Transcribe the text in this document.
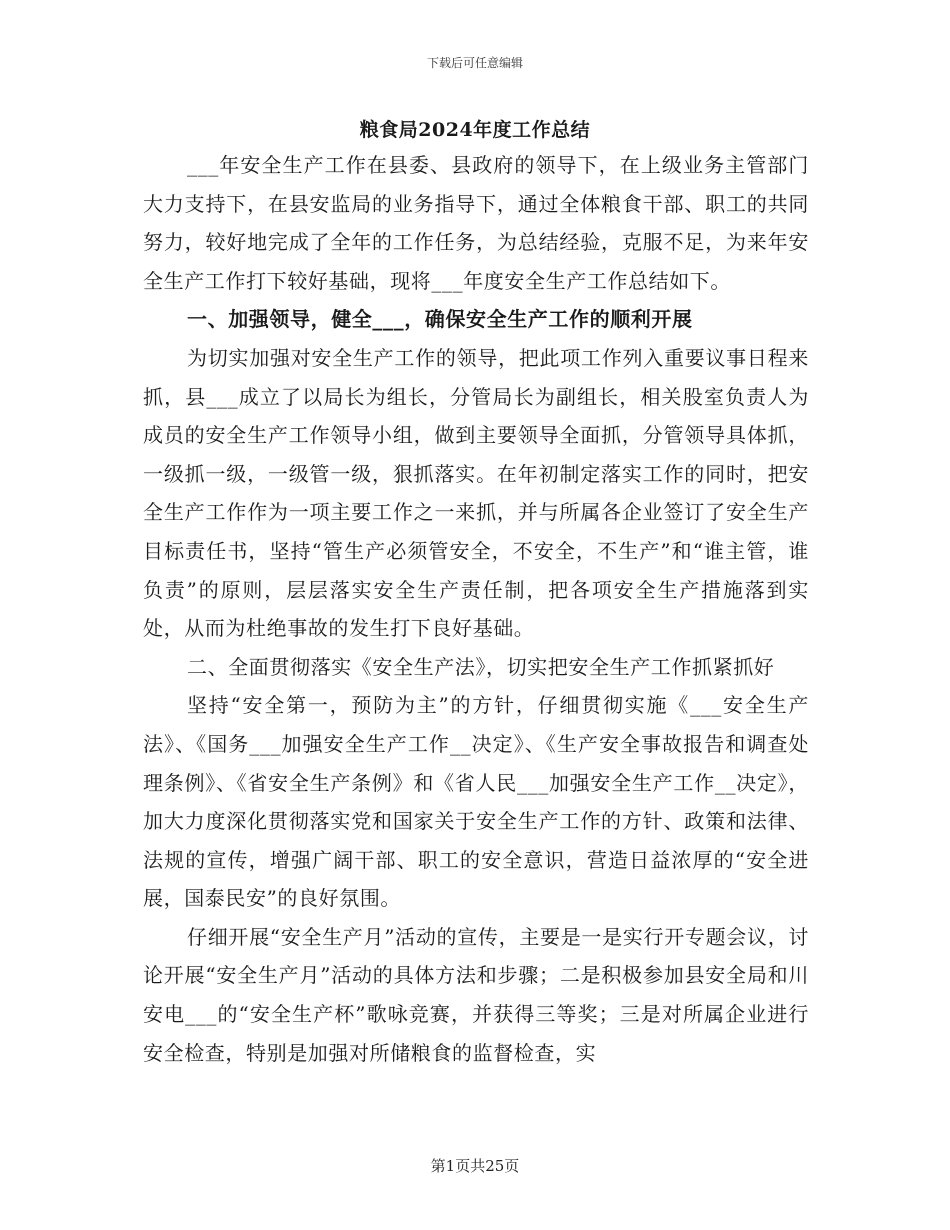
下载后可任意编辑
粮食局2024年度工作总结

___年安全生产工作在县委、县政府的领导下，在上级业务主管部门大力支持下，在县安监局的业务指导下，通过全体粮食干部、职工的共同努力，较好地完成了全年的工作任务，为总结经验，克服不足，为来年安全生产工作打下较好基础，现将___年度安全生产工作总结如下。

一、加强领导，健全___，确保安全生产工作的顺利开展

为切实加强对安全生产工作的领导，把此项工作列入重要议事日程来抓，县___成立了以局长为组长，分管局长为副组长，相关股室负责人为成员的安全生产工作领导小组，做到主要领导全面抓，分管领导具体抓，一级抓一级，一级管一级，狠抓落实。在年初制定落实工作的同时，把安全生产工作作为一项主要工作之一来抓，并与所属各企业签订了安全生产目标责任书，坚持“管生产必须管安全，不安全，不生产”和“谁主管，谁负责”的原则，层层落实安全生产责任制，把各项安全生产措施落到实处，从而为杜绝事故的发生打下良好基础。

二、全面贯彻落实《安全生产法》，切实把安全生产工作抓紧抓好

坚持“安全第一，预防为主”的方针，仔细贯彻实施《___安全生产法》、《国务___加强安全生产工作__决定》、《生产安全事故报告和调查处理条例》、《省安全生产条例》和《省人民___加强安全生产工作__决定》，加大力度深化贯彻落实党和国家关于安全生产工作的方针、政策和法律、法规的宣传，增强广阔干部、职工的安全意识，营造日益浓厚的“安全进展，国泰民安”的良好氛围。

仔细开展“安全生产月”活动的宣传，主要是一是实行开专题会议，讨论开展“安全生产月”活动的具体方法和步骤；二是积极参加县安全局和川安电___的“安全生产杯”歌咏竞赛，并获得三等奖；三是对所属企业进行安全检查，特别是加强对所储粮食的监督检查，实

第1页共25页
